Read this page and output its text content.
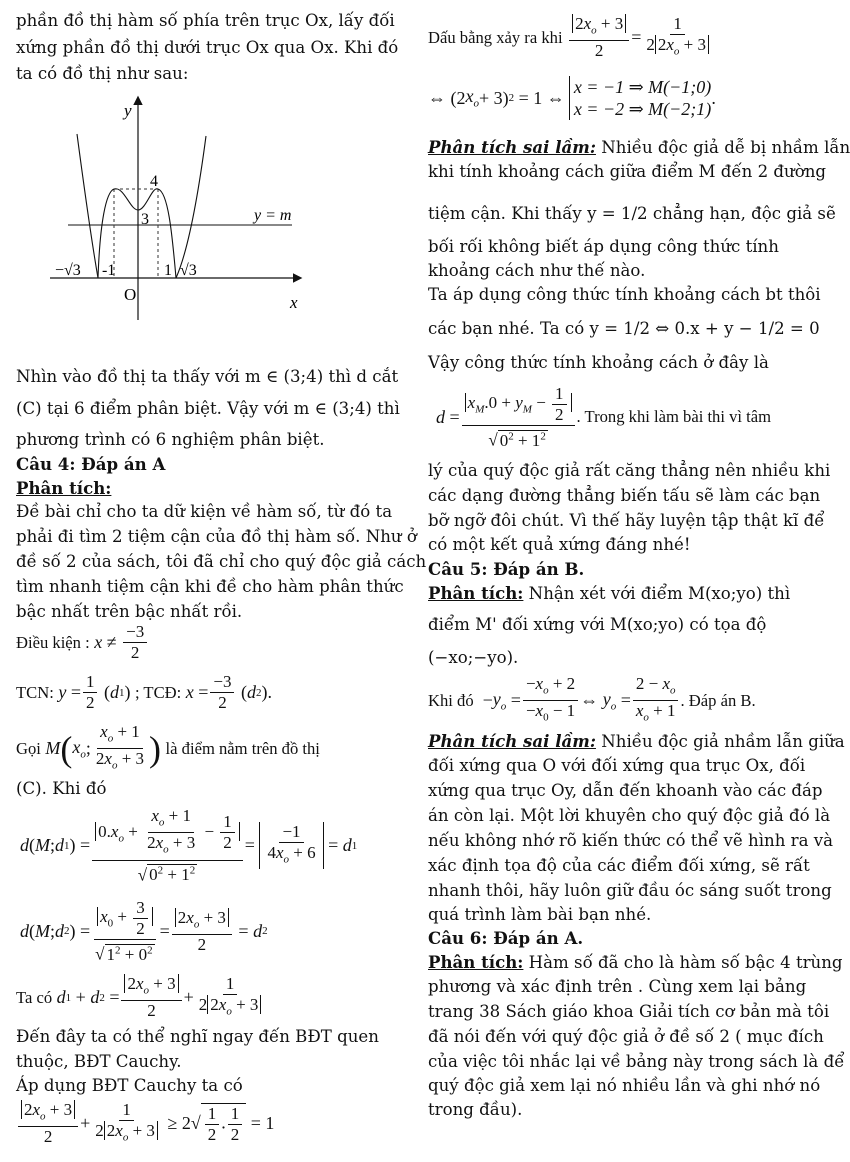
phần đồ thị hàm số phía trên trục Ox, lấy đối
xứng phần đồ thị dưới trục Ox qua Ox. Khi đó
ta có đồ thị như sau:
y
x
O
y = m
4
3
−√3 -1	1 √3
Nhìn vào đồ thị ta thấy với m ∈ (3;4) thì d cắt
(C) tại 6 điểm phân biệt. Vậy với m ∈ (3;4) thì
phương trình có 6 nghiệm phân biệt.
Câu 4: Đáp án A
Phân tích:
Đề bài chỉ cho ta dữ kiện về hàm số, từ đó ta
phải đi tìm 2 tiệm cận của đồ thị hàm số. Như ở
đề số 2 của sách, tôi đã chỉ cho quý độc giả cách
tìm nhanh tiệm cận khi đề cho hàm phân thức
bậc nhất trên bậc nhất rồi.
Điều kiện :
$x \ne \frac{-3}{2}$
TCN:
$y = \frac{1}{2}$ ( d 1 ) ; TCĐ:
$x = \frac{-3}{2}$ ( d 2 ).
Gọi
M ( $x_o$ ; $\frac{x_o + 1}{2x_o + 3}$ )
là điểm nằm trên đồ thị
(C). Khi đó
d ( M ; d 1 ) = $\frac{0.x_o + \frac{x_o + 1}{2x_o + 3} - \frac{1}{2}}{√ 0^2 + 1^2} = \frac{-1}{4x_o + 6} = d$ 1
d ( M ; d 2 ) = $\frac{x_0 + \frac{3}{2}}{√ 1^2 + 0^2} = \frac{2x_o + 3}{2} = d$ 2
Ta có
d 1 + d $2 = \frac{2x_o + 3}{2} + \frac{1}{2 2x_o + 3}$
Đến đây ta có thể nghĩ ngay đến BĐT quen
thuộc, BĐT Cauchy.
Áp dụng BĐT Cauchy ta có
$\frac{2x_o + 3}{2} + \frac{1}{2 2x_o + 3} \ge 2√ \frac{1}{2}$ . $\frac{1}{2} = 1$
Dấu bằng xảy ra khi
$\frac{2x_o + 3}{2} = \frac{1}{2 2x_o + 3}$
⇔ (2 $x_o + 3$) 2 = 1 ⇔
x = −1 ⇒ M(−1;0)
x = −2 ⇒ M(−2;1)
.
Phân tích sai lầm: Nhiều độc giả dễ bị nhầm lẫn
khi tính khoảng cách giữa điểm M đến 2 đường
tiệm cận. Khi thấy y = 1/2 chẳng hạn, độc giả sẽ
bối rối không biết áp dụng công thức tính
khoảng cách như thế nào.
Ta áp dụng công thức tính khoảng cách bt thôi
các bạn nhé. Ta có y = 1/2 ⇔ 0.x + y − 1/2 = 0
Vậy công thức tính khoảng cách ở đây là
$d = \frac{x_M.0 + y_M - \frac{1}{2}}{√ 0^2 + 1^2}$ . Trong khi làm bài thi vì tâm
lý của quý độc giả rất căng thẳng nên nhiều khi
các dạng đường thẳng biến tấu sẽ làm các bạn
bỡ ngỡ đôi chút. Vì thế hãy luyện tập thật kĩ để
có một kết quả xứng đáng nhé!
Câu 5: Đáp án B.
Phân tích: Nhận xét với điểm M(xo;yo) thì
điểm M' đối xứng với M(xo;yo) có tọa độ
(−xo;−yo).
Khi đó − $y_o = \frac{-x_o + 2}{-x_0 - 1}$ ⇔ $y_o = \frac{2 - x_o}{x_o + 1}$ . Đáp án B.
Phân tích sai lầm: Nhiều độc giả nhầm lẫn giữa
đối xứng qua O với đối xứng qua trục Ox, đối
xứng qua trục Oy, dẫn đến khoanh vào các đáp
án còn lại. Một lời khuyên cho quý độc giả đó là
nếu không nhớ rõ kiến thức có thể vẽ hình ra và
xác định tọa độ của các điểm đối xứng, sẽ rất
nhanh thôi, hãy luôn giữ đầu óc sáng suốt trong
quá trình làm bài bạn nhé.
Câu 6: Đáp án A.
Phân tích: Hàm số đã cho là hàm số bậc 4 trùng
phương và xác định trên . Cùng xem lại bảng
trang 38 Sách giáo khoa Giải tích cơ bản mà tôi
đã nói đến với quý độc giả ở đề số 2 ( mục đích
của việc tôi nhắc lại về bảng này trong sách là để
quý độc giả xem lại nó nhiều lần và ghi nhớ nó
trong đầu).
